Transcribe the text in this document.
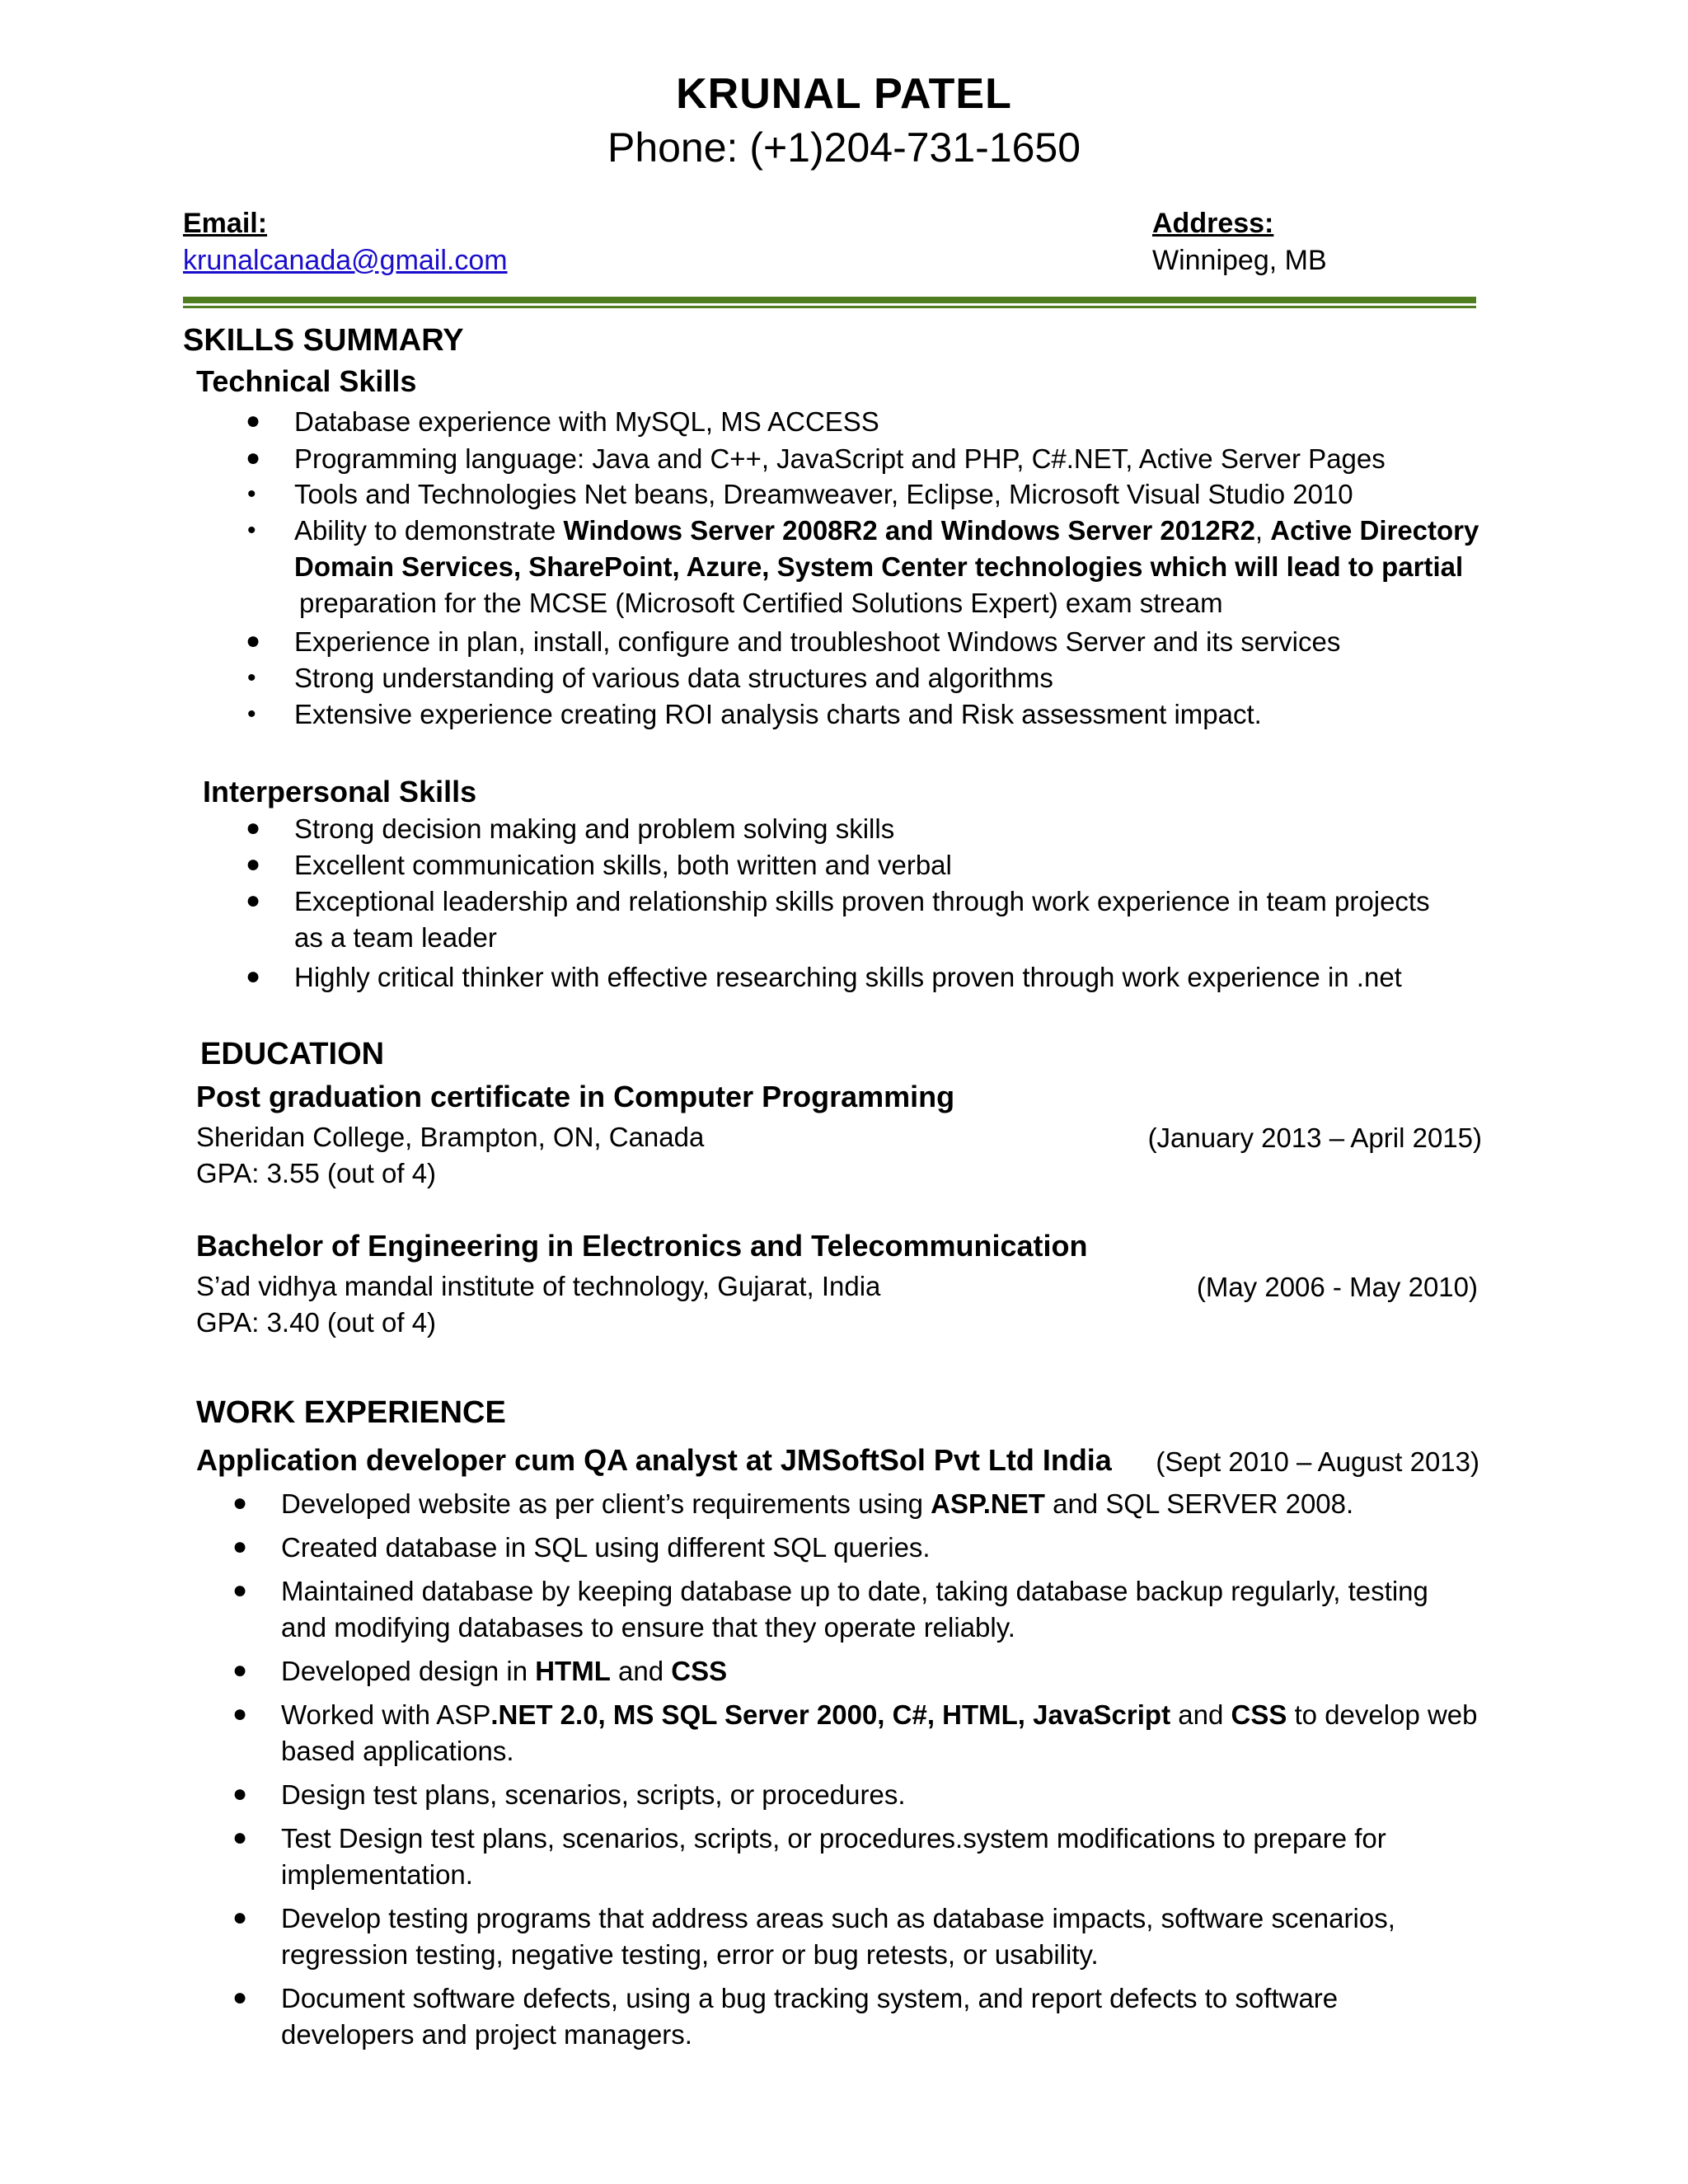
KRUNAL PATEL
Phone: (+1)204-731-1650
Email:
krunalcanada@gmail.com
Address:
Winnipeg, MB
SKILLS SUMMARY
Technical Skills
● Database experience with MySQL, MS ACCESS
● Programming language: Java and C++, JavaScript and PHP, C#.NET, Active Server Pages
• Tools and Technologies Net beans, Dreamweaver, Eclipse, Microsoft Visual Studio 2010
• Ability to demonstrate Windows Server 2008R2 and Windows Server 2012R2, Active Directory
Domain Services, SharePoint, Azure, System Center technologies which will lead to partial
preparation for the MCSE (Microsoft Certified Solutions Expert) exam stream
● Experience in plan, install, configure and troubleshoot Windows Server and its services
• Strong understanding of various data structures and algorithms
• Extensive experience creating ROI analysis charts and Risk assessment impact.
Interpersonal Skills
● Strong decision making and problem solving skills
● Excellent communication skills, both written and verbal
● Exceptional leadership and relationship skills proven through work experience in team projects
as a team leader
● Highly critical thinker with effective researching skills proven through work experience in .net
EDUCATION
Post graduation certificate in Computer Programming
Sheridan College, Brampton, ON, Canada	(January 2013 – April 2015)
GPA: 3.55 (out of 4)
Bachelor of Engineering in Electronics and Telecommunication
S’ad vidhya mandal institute of technology, Gujarat, India	(May 2006 - May 2010)
GPA: 3.40 (out of 4)
WORK EXPERIENCE
Application developer cum QA analyst at JMSoftSol Pvt Ltd India (Sept 2010 – August 2013)
● Developed website as per client’s requirements using ASP.NET and SQL SERVER 2008.
● Created database in SQL using different SQL queries.
● Maintained database by keeping database up to date, taking database backup regularly, testing
and modifying databases to ensure that they operate reliably.
● Developed design in HTML and CSS
● Worked with ASP.NET 2.0, MS SQL Server 2000, C#, HTML, JavaScript and CSS to develop web
based applications.
● Design test plans, scenarios, scripts, or procedures.
● Test Design test plans, scenarios, scripts, or procedures.system modifications to prepare for
implementation.
● Develop testing programs that address areas such as database impacts, software scenarios,
regression testing, negative testing, error or bug retests, or usability.
● Document software defects, using a bug tracking system, and report defects to software
developers and project managers.
